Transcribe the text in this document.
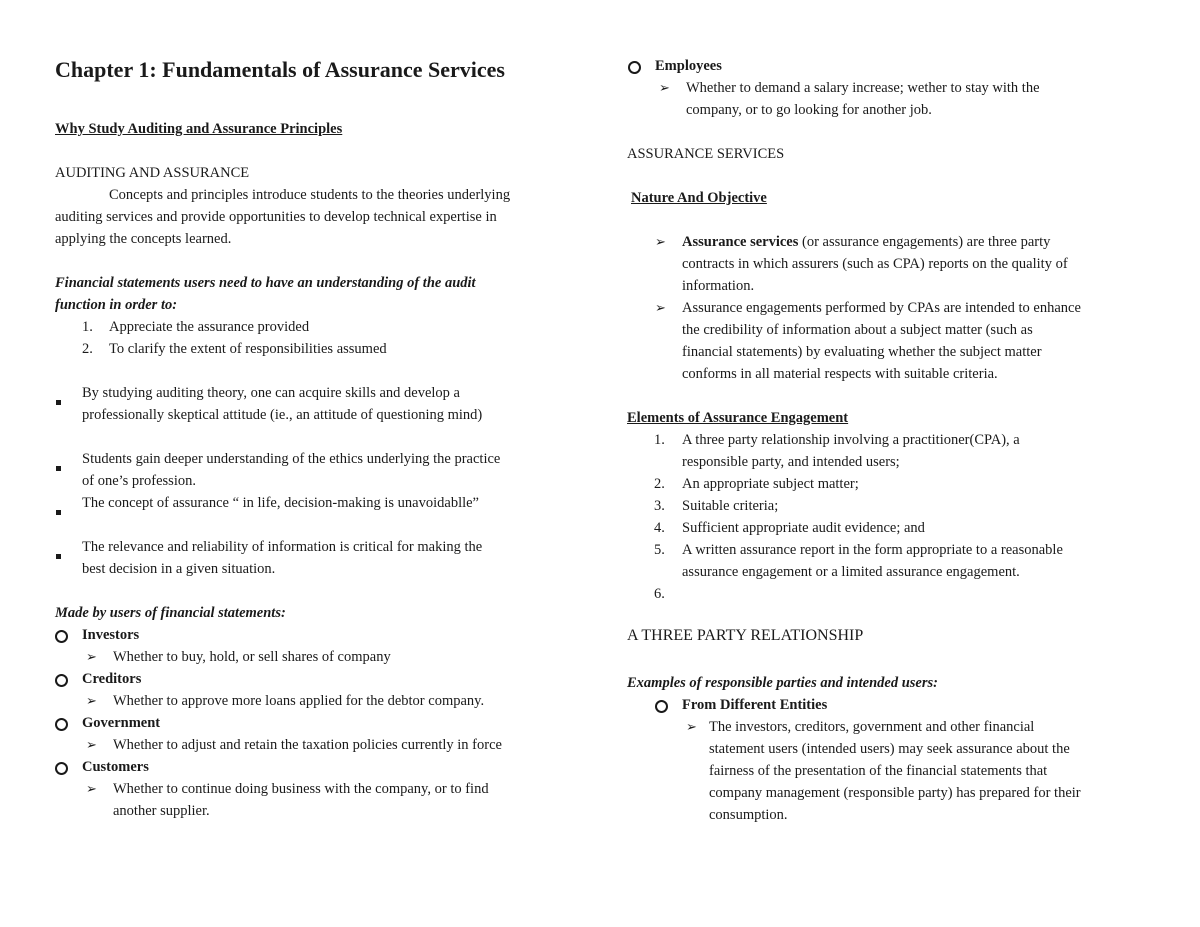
Chapter 1: Fundamentals of Assurance Services
Why Study Auditing and Assurance Principles
AUDITING AND ASSURANCE
Concepts and principles introduce students to the theories underlying
auditing services and provide opportunities to develop technical expertise in
applying the concepts learned.
Financial statements users need to have an understanding of the audit
function in order to:
1. Appreciate the assurance provided
2. To clarify the extent of responsibilities assumed
By studying auditing theory, one can acquire skills and develop a
professionally skeptical attitude (ie., an attitude of questioning mind)
Students gain deeper understanding of the ethics underlying the practice
of one’s profession.
The concept of assurance “ in life, decision-making is unavoidablle”
The relevance and reliability of information is critical for making the
best decision in a given situation.
Made by users of financial statements:
Investors
➢ Whether to buy, hold, or sell shares of company
Creditors
➢ Whether to approve more loans applied for the debtor company.
Government
➢ Whether to adjust and retain the taxation policies currently in force
Customers
➢ Whether to continue doing business with the company, or to find
another supplier.
Employees
➢ Whether to demand a salary increase; wether to stay with the
company, or to go looking for another job.
ASSURANCE SERVICES
Nature And Objective
➢ Assurance services (or assurance engagements) are three party
contracts in which assurers (such as CPA) reports on the quality of
information.
➢ Assurance engagements performed by CPAs are intended to enhance
the credibility of information about a subject matter (such as
financial statements) by evaluating whether the subject matter
conforms in all material respects with suitable criteria.
Elements of Assurance Engagement
1. A three party relationship involving a practitioner(CPA), a
responsible party, and intended users;
2. An appropriate subject matter;
3. Suitable criteria;
4. Sufficient appropriate audit evidence; and
5. A written assurance report in the form appropriate to a reasonable
assurance engagement or a limited assurance engagement.
6.
A THREE PARTY RELATIONSHIP
Examples of responsible parties and intended users:
From Different Entities
➢ The investors, creditors, government and other financial
statement users (intended users) may seek assurance about the
fairness of the presentation of the financial statements that
company management (responsible party) has prepared for their
consumption.
